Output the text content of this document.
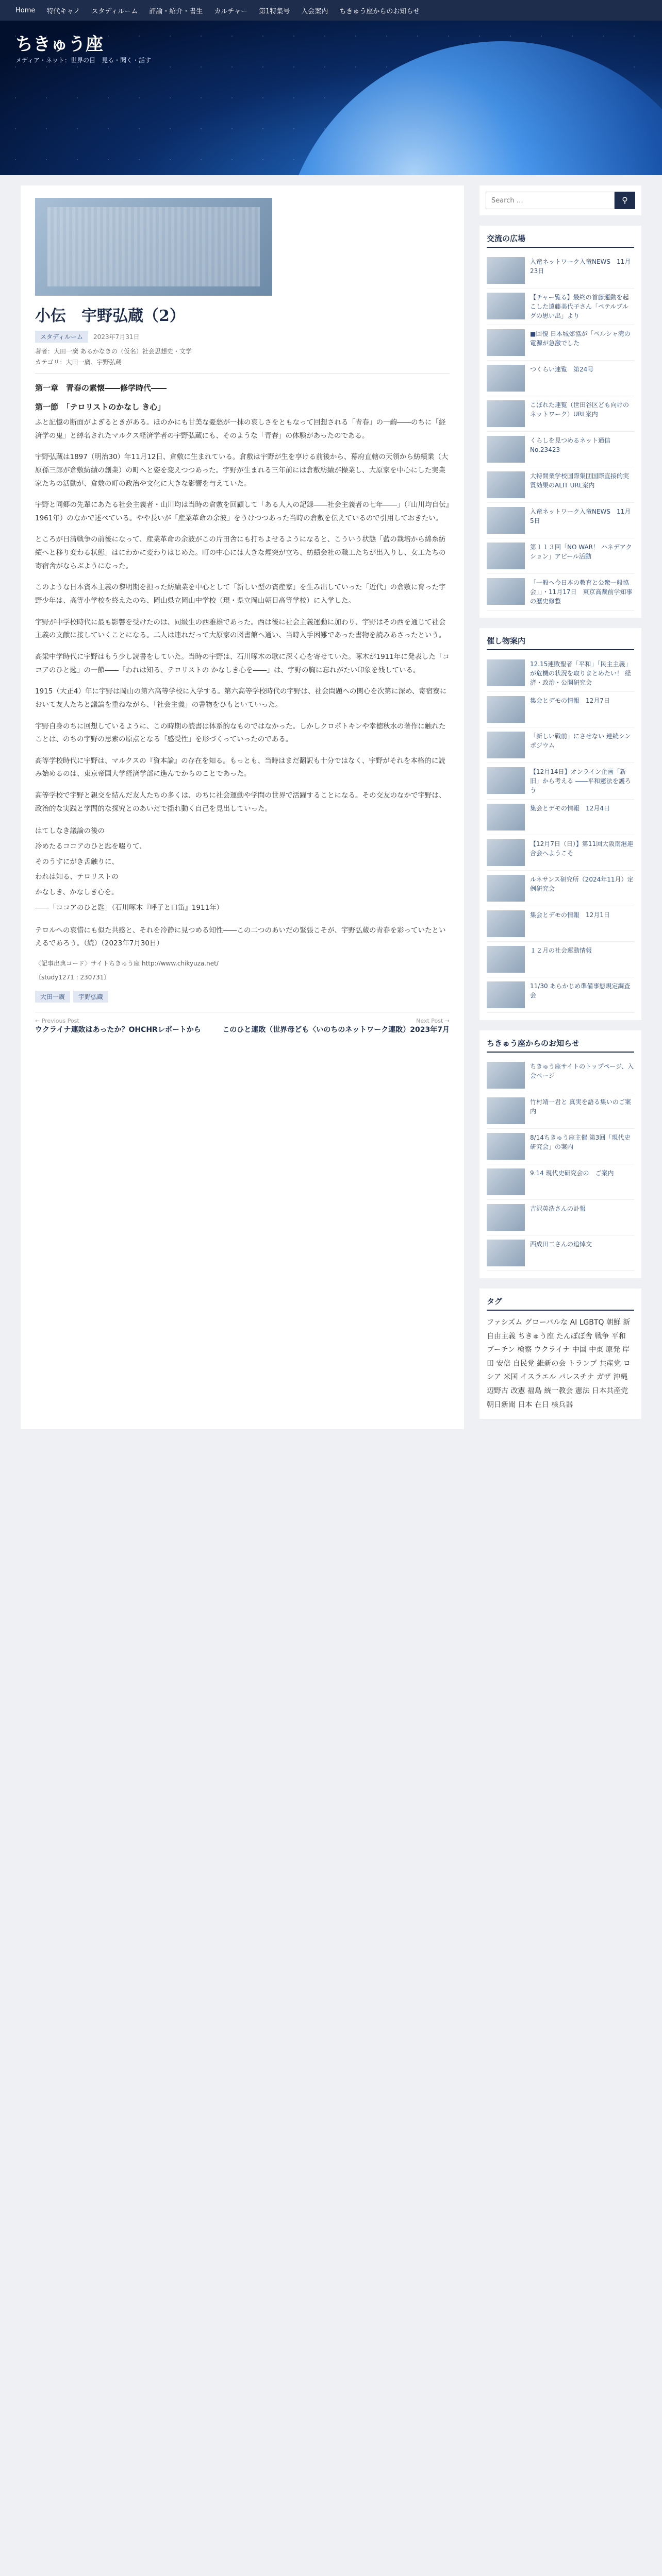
Home 特代キャノ スタディルーム 評論・紹介・書生 カルチャー 第1特集号 入会案内 ちきゅう座からのお知らせ
ちきゅう座
メディア・ネット：世界の目　見る・聞く・話す
小伝　宇野弘蔵（2）
スタディルーム	2023年7月31日
著者：大田一廣 あるかなきの（仮名）社会思想史・文学
カテゴリ：大田一廣、宇野弘蔵
第一章　青春の素懐――修学時代――
第一節　「テロリストのかなし き心」

ふと記憶の断面がよぎるときがある。ほのかにも甘美な憂愁が一抹の哀しさをともなって回想される「青春」の一齣――のちに「経済学の鬼」と綽名されたマルクス経済学者の宇野弘蔵にも、そのような「青春」の体験があったのである。

宇野弘蔵は1897（明治30）年11月12日、倉敷に生まれている。倉敷は宇野が生を享ける前後から、幕府直轄の天領から紡績業（大原孫三郎が倉敷紡績の創業）の町へと姿を変えつつあった。宇野が生まれる三年前には倉敷紡績が操業し、大原家を中心にした実業家たちの活動が、倉敷の町の政治や文化に大きな影響を与えていた。

宇野と同郷の先輩にあたる社会主義者・山川均は当時の倉敷を回顧して「ある人人の記録――社会主義者の七年――」（『山川均自伝』1961年）のなかで述べている。やや長いが「産業革命の余波」をうけつつあった当時の倉敷を伝えているので引用しておきたい。

ところが日清戦争の前後になって、産業革命の余波がこの片田舎にも打ちよせるようになると、こういう状態「藍の栽培から綿糸紡績へと移り変わる状態」はにわかに変わりはじめた。町の中心には大きな煙突が立ち、紡績会社の職工たちが出入りし、女工たちの寄宿舎がならぶようになった。

このような日本資本主義の黎明期を担った紡績業を中心として「新しい型の資産家」を生み出していった「近代」の倉敷に育った宇野少年は、高等小学校を終えたのち、岡山県立岡山中学校（現・県立岡山朝日高等学校）に入学した。

宇野が中学校時代に最も影響を受けたのは、同級生の西雅雄であった。西は後に社会主義運動に加わり、宇野はその西を通じて社会主義の文献に接していくことになる。二人は連れだって大原家の図書館へ通い、当時入手困難であった書物を読みあさったという。

高梁中学時代に宇野はもう少し読書をしていた。当時の宇野は、石川啄木の歌に深く心を寄せていた。啄木が1911年に発表した「ココアのひと匙」の一節――「われは知る、テロリストの かなしき心を――」は、宇野の胸に忘れがたい印象を残している。

1915（大正4）年に宇野は岡山の第六高等学校に入学する。第六高等学校時代の宇野は、社会問題への関心を次第に深め、寄宿寮において友人たちと議論を重ねながら、「社会主義」の書物をひもといていった。

宇野自身のちに回想しているように、この時期の読書は体系的なものではなかった。しかしクロポトキンや幸徳秋水の著作に触れたことは、のちの宇野の思索の原点となる「感受性」を形づくっていったのである。

高等学校時代に宇野は、マルクスの『資本論』の存在を知る。もっとも、当時はまだ翻訳も十分ではなく、宇野がそれを本格的に読み始めるのは、東京帝国大学経済学部に進んでからのことであった。

高等学校で宇野と親交を結んだ友人たちの多くは、のちに社会運動や学問の世界で活躍することになる。その交友のなかで宇野は、政治的な実践と学問的な探究とのあいだで揺れ動く自己を見出していった。

はてしなき議論の後の
冷めたるココアのひと匙を啜りて、
そのうすにがき舌触りに、
われは知る、テロリストの
かなしき、かなしき心を。
――「ココアのひと匙」（石川啄木『呼子と口笛』1911年）

テロルへの哀惜にも似た共感と、それを冷静に見つめる知性――この二つのあいだの緊張こそが、宇野弘蔵の青春を彩っていたといえるであろう。（続）（2023年7月30日）

〈記事出典コード〉サイトちきゅう座 http://www.chikyuza.net/
〔study1271 : 230731〕
大田一廣	宇野弘蔵
← Previous Post
ウクライナ連敗はあったか？OHCHRレポートから
Next Post →
このひと連敗（世界母ども〈いのちのネットワーク連敗）2023年7月
Search …
⚲
交流の広場
入竜ネットワーク入竜NEWS　11月23日
【チャー覧る】最終の首藤運動を起こした遠藤美代子さん「ペテルブルグの思い出」より
■回復 日本城郊協が「ペルシャ湾の電源が急激でした
つくらい連覧　第24号
こぼれた連覧（世田谷区ども向けのネットワーク）URL案内
くらしを見つめるネット通信　No.23423
大特開業学校国際集団国際直接的実質効果のALIT URL案内
入竜ネットワーク入竜NEWS　11月5日
第１１３回「NO WAR！ ハネデアクション」アピール活動
「一般へ今日本の教育と公衆一般協会」」・11月17日　東京高裁前学知事の歴史修整
催し物案内
12.15連敗聖者「平和」「民主主義」が危機の状況を取りまとめたい！ 経済・政治・公開研究会
集会とデモの情報　12月7日
「新しい戦前」にさせない 連続シンポジウム
【12月14日】オンライン企画「新旧」から考える ――平和憲法を護ろう
集会とデモの情報　12月4日
【12月7日（日）】第11回大阪南港連合会へようこそ
ルネサンス研究所（2024年11月）定例研究会
集会とデモの情報　12月1日
１２月の社会運動情報
11/30 あらかじめ準備事態規定調査会
ちきゅう座からのお知らせ
ちきゅう座サイトのトップページ、入会ページ
竹村靖一君と 真実を語る集いのご案内
8/14ちきゅう座主催 第3回「現代史研究会」の案内
9.14 現代史研究会の　ご案内
吉沢英浩さんの訃報
西成田二さんの追悼文
タグ
ファシズム グローバルな AI LGBTQ 朝鮮 新自由主義 ちきゅう座 たんぽぽ舎 戦争 平和 プーチン 検察 ウクライナ 中国 中東 原発 岸田 安倍 自民党 維新の会 トランプ 共産党 ロシア 米国 イスラエル パレスチナ ガザ 沖縄 辺野古 改憲 福島 統一教会 憲法 日本共産党 朝日新聞 日本 在日 核兵器
